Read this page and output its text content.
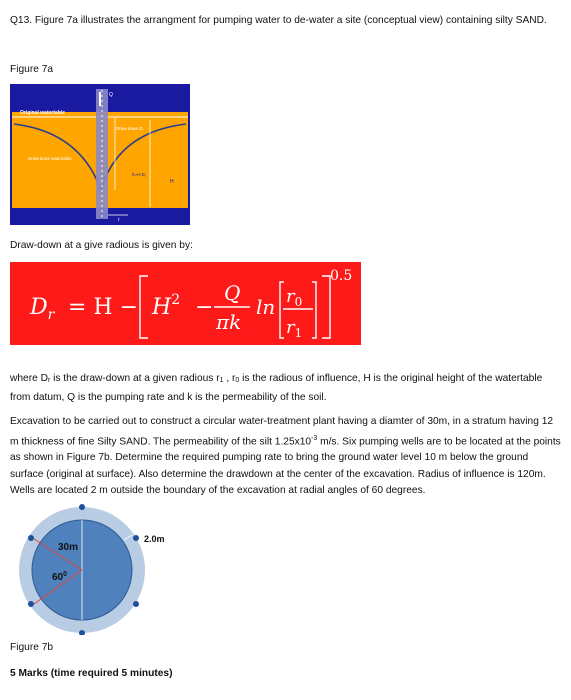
Q13. Figure 7a illustrates the arrangment for pumping water to de-water a site (conceptual view) containing silty SAND.

Figure 7a

Q
Original watertable
Draw-down watertable
Draw-down $D_r$
$h=H-D_r$
H
r

Draw-down at a give radious is given by:

$D_r = H - H^2$ −
Q
πk
$\ln r_0$
$r_1$
0.5

where Dr is the draw-down at a given radious r1 , r0 is the radious of influence, H is the original height of the watertable from datum, Q is the pumping rate and k is the permeability of the soil.

Excavation to be carried out to construct a circular water-treatment plant having a diamter of 30m, in a stratum having 12 m thickness of fine Silty SAND. The permeability of the silt $1.25x10^{-3}$ m/s. Six pumping wells are to be located at the points as shown in Figure 7b. Determine the required pumping rate to bring the ground water level 10 m below the ground surface (original at surface). Also determine the drawdown at the center of the excavation. Radius of influence is 120m. Wells are located 2 m outside the boundary of the excavation at radial angles of 60 degrees.

30m
2.0m
$60^0$

Figure 7b

5 Marks (time required 5 minutes)
